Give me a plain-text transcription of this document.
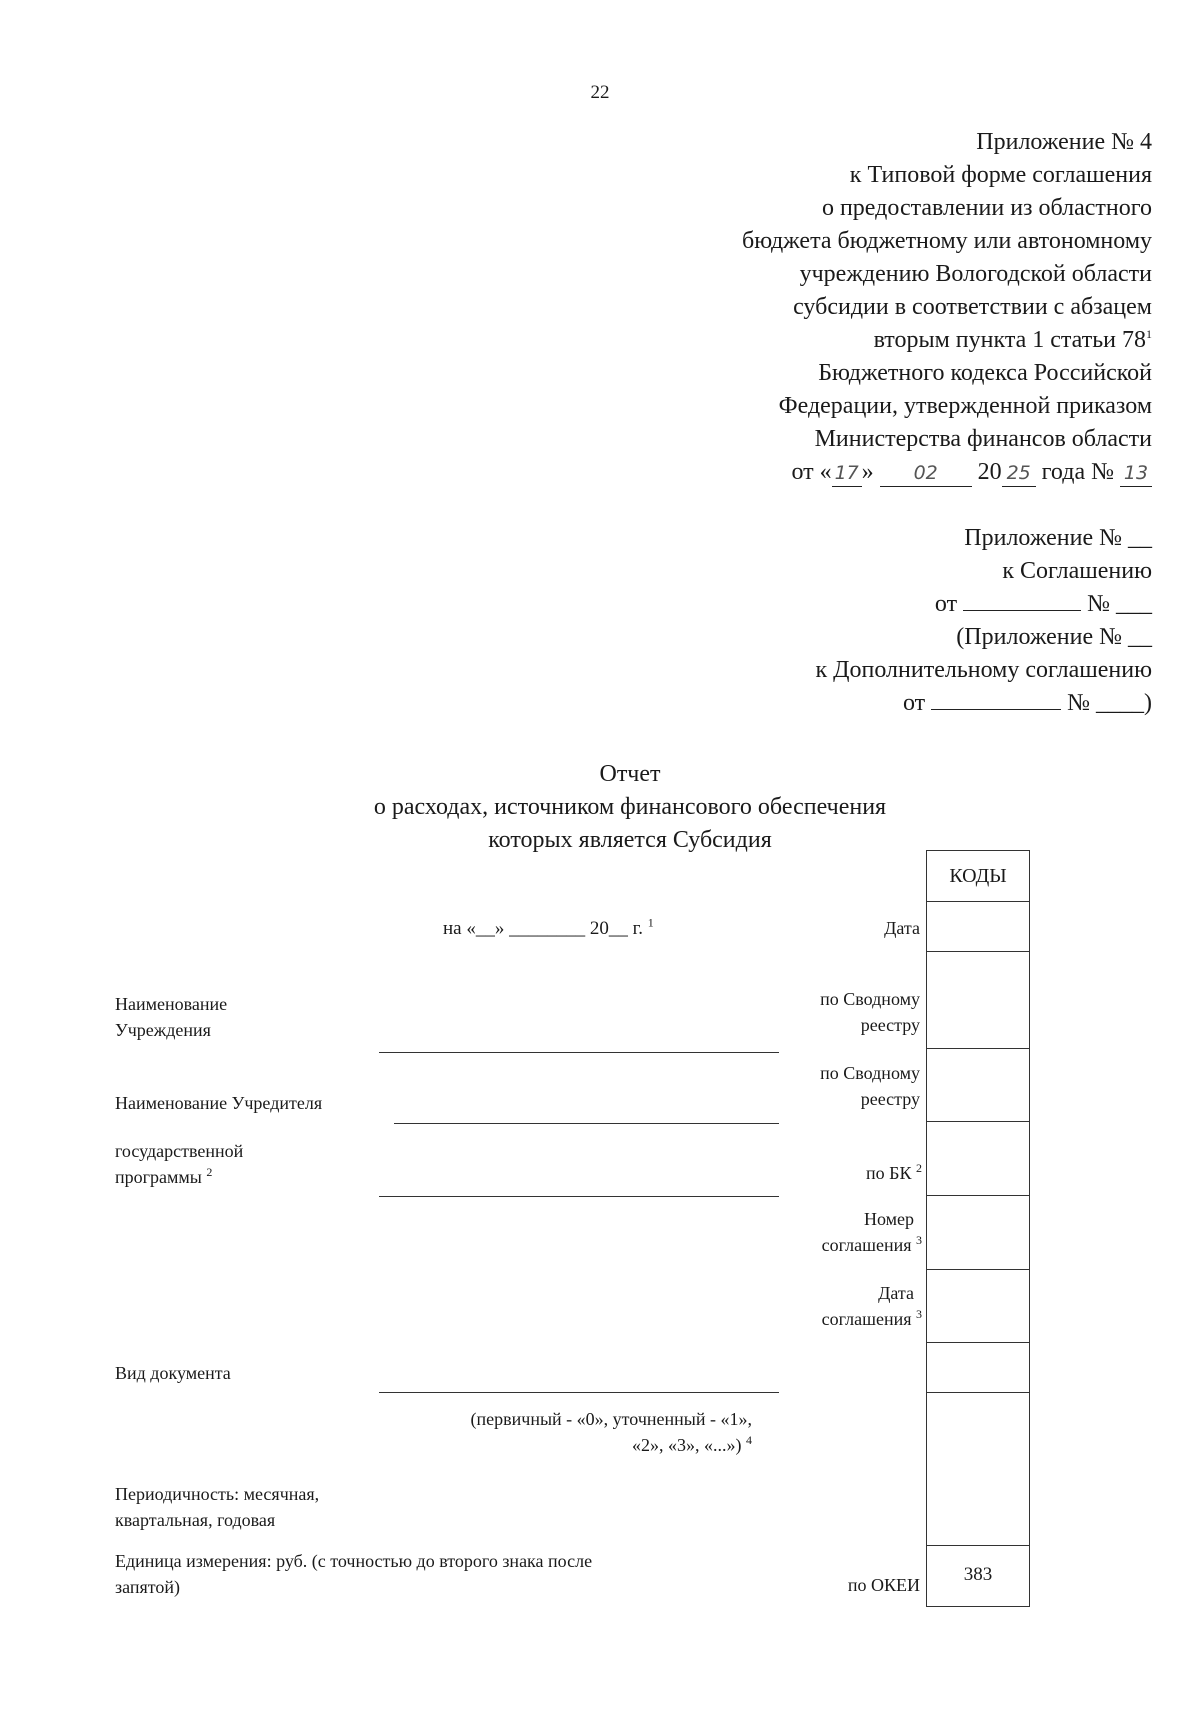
22
Приложение № 4
к Типовой форме соглашения
о предоставлении из областного
бюджета бюджетному или автономному
учреждению Вологодской области
субсидии в соответствии с абзацем
вторым пункта 1 статьи $78^1$
Бюджетного кодекса Российской
Федерации, утвержденной приказом
Министерства финансов области
от « 17 » 02 20 25 года № 13
Приложение № __
к Соглашению
от	№ ___
(Приложение № __
к Дополнительному соглашению
от	№ ____)
Отчет
о расходах, источником финансового обеспечения
которых является Субсидия
на «__» ________ 20__ г. $^1$
Наименование
Учреждения
Наименование Учредителя
государственной
программы $^2$
Вид документа
(первичный - «0», уточненный - «1»,
«2», «3», «...») $^4$
Периодичность: месячная,
квартальная, годовая
Единица измерения: руб. (с точностью до второго знака после
запятой)
Дата
по Сводному
реестру
по Сводному
реестру
по БК $^2$
Номер
соглашения $^3$
Дата
соглашения $^3$
по ОКЕИ
КОДЫ
383
